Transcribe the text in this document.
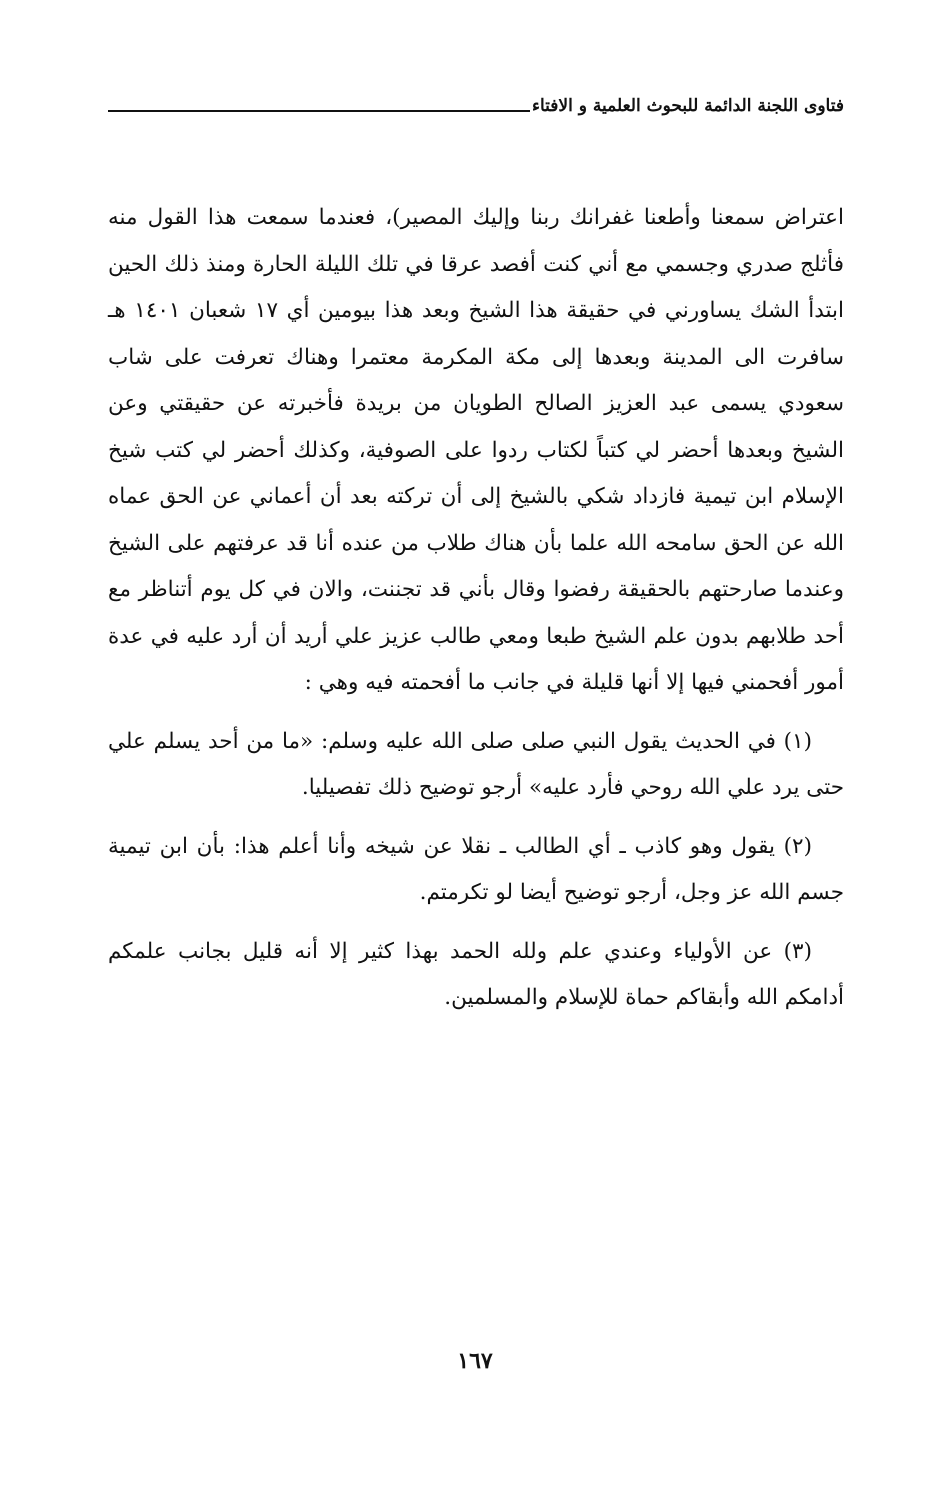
فتاوى اللجنة الدائمة للبحوث العلمية و الافتاء

اعتراض سمعنا وأطعنا غفرانك ربنا وإليك المصير)، فعندما سمعت هذا القول منه فأثلج صدري وجسمي مع أني كنت أفصد عرقا في تلك الليلة الحارة ومنذ ذلك الحين ابتدأ الشك يساورني في حقيقة هذا الشيخ وبعد هذا بيومين أي ١٧ شعبان ١٤٠١ هـ سافرت الى المدينة وبعدها إلى مكة المكرمة معتمرا وهناك تعرفت على شاب سعودي يسمى عبد العزيز الصالح الطويان من بريدة فأخبرته عن حقيقتي وعن الشيخ وبعدها أحضر لي كتباً لكتاب ردوا على الصوفية، وكذلك أحضر لي كتب شيخ الإسلام ابن تيمية فازداد شكي بالشيخ إلى أن تركته بعد أن أعماني عن الحق عماه الله عن الحق سامحه الله علما بأن هناك طلاب من عنده أنا قد عرفتهم على الشيخ وعندما صارحتهم بالحقيقة رفضوا وقال بأني قد تجننت، والان في كل يوم أتناظر مع أحد طلابهم بدون علم الشيخ طبعا ومعي طالب عزيز علي أريد أن أرد عليه في عدة أمور أفحمني فيها إلا أنها قليلة في جانب ما أفحمته فيه وهي :

(١) في الحديث يقول النبي صلى صلى الله عليه وسلم: «ما من أحد يسلم علي حتى يرد علي الله روحي فأرد عليه» أرجو توضيح ذلك تفصيليا.

(٢) يقول وهو كاذب ـ أي الطالب ـ نقلا عن شيخه وأنا أعلم هذا: بأن ابن تيمية جسم الله عز وجل، أرجو توضيح أيضا لو تكرمتم.

(٣) عن الأولياء وعندي علم ولله الحمد بهذا كثير إلا أنه قليل بجانب علمكم أدامكم الله وأبقاكم حماة للإسلام والمسلمين.

١٦٧
